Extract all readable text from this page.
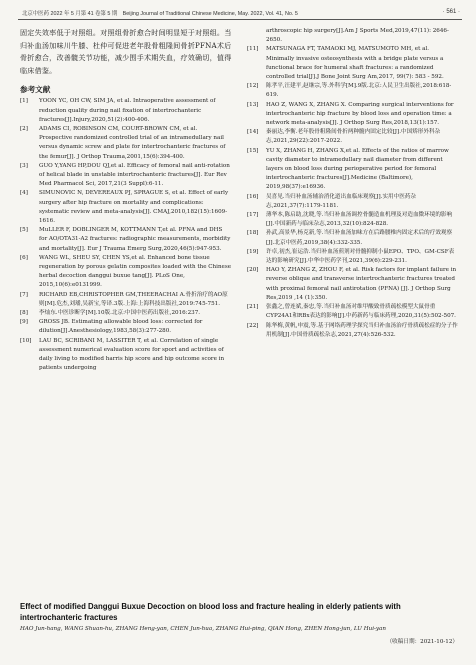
北京中医药 2022 年 5 月第 41 卷第 5 期　Beijing Journal of Traditional Chinese Medicine, May. 2022, Vol. 41, No. 5	· 561 ·

固定失效率低于对照组。对照组骨折愈合时间明显短于对照组。当归补血汤加味川牛膝、杜仲可促进老年股骨粗隆间骨折PFNA术后骨折愈合，改善髋关节功能，减少围手术期失血，疗效确切，值得临床借鉴。

参考文献
[1] YOON YC, OH CW, SIM JA, et al. Intraoperative assessment of reduction quality during nail fixation of intertrochanteric fractures[J].Injury,2020,51(2):400-406.
[2] ADAMS CI, ROBINSON CM, COURT-BROWN CM, et al. Prospective randomized controlled trial of an intramedullary nail versus dynamic screw and plate for intertrochanteric fractures of the femur[J]. J Orthop Trauma,2001,15(6):394-400.
[3] GUO Y,YANG HP,DOU QJ,et al. Efficacy of femoral nail anti-rotation of helical blade in unstable intertrochanteric fractures[J]. Eur Rev Med Pharmacol Sci, 2017,21(3 Suppl):6-11.
[4] SIMUNOVIC N, DEVEREAUX PJ, SPRAGUE S, et al. Effect of early surgery after hip fracture on mortality and complications: systematic review and meta-analysis[J]. CMAJ,2010,182(15):1609-1616.
[5] MuLLER F, DOBLINGER M, KOTTMANN T,et al. PFNA and DHS for AO/OTA31-A2 fractures: radiographic measurements, morbidity and mortality[J]. Eur J Trauma Emerg Surg,2020,46(5):947-953.
[6] WANG WL, SHEU SY, CHEN YS,et al. Enhanced bone tissue regeneration by porous gelatin composites loaded with the Chinese herbal decoction danggui buxue tang[J]. PLoS One, 2015,10(6):e0131999.
[7] RICHARD EB,CHRISTOPHER GM,THEERACHAI A.骨折治疗的AO原则[M].危杰,刘璠,吴新宝,等译.3版.上海:上海科技出版社,2019:745-751.
[8] 李灿东.中医诊断学[M].10版.北京:中国中医药出版社,2016:237.
[9] GROSS JB. Estimating allowable blood loss: corrected for dilution[J].Anesthesiology,1983,58(3):277-280.
[10] LAU BC, SCRIBANI M, LASSITER T, et al. Correlation of single assessment numerical evaluation score for sport and activities of daily living to modified harris hip score and hip outcome score in patients undergoing
arthroscopic hip surgery[J].Am J Sports Med,2019,47(11): 2646-2650.
[11] MATSUNAGA FT, TAMAOKI MJ, MATSUMOTO MH, et al. Minimally invasive osteosynthesis with a bridge plate versus a functional brace for humeral shaft fractures: a randomized controlled trial[J].J Bone Joint Surg Am,2017, 99(7): 583 - 592.
[12] 陈孝平,汪建平,赵继宗,等.外科学[M].9版.北京:人民卫生出版社,2018:618-619.
[13] HAO Z, WANG X, ZHANG X. Comparing surgical interventions for intertrochanteric hip fracture by blood loss and operation time: a network meta-analysis[J]. J Orthop Surg Res,2018,13(1):157.
[14] 秦丽达,李衡.老年股骨粗隆间骨折两种髓内固定比较[J].中国矫形外科杂志,2021,29(22):2017-2022.
[15] YU X, ZHANG H, ZHANG X,et al. Effects of the ratios of marrow cavity diameter to intramedullary nail diameter from different layers on blood loss during perioperative period for femoral intertrochanteric fractures[J].Medicine (Baltimore), 2019,98(37):e16936.
[16] 吴喜见.当归补血汤辅治消化道出血临床观察[J].实用中医药杂志,2021,37(7):1179-1181.
[17] 薄华本,陈启助,沈晓,等.当归补血汤调控骨髓造血机理及对造血微环境的影响[J].中国新药与临床杂志,2013,32(10):824-828.
[18] 孙武,高景华,杨克新,等.当归补血汤加味方在后路腰椎内固定术后的疗效观察[J].北京中医药,2019,38(4):332-335.
[19] 许卓,初杰,崔运浩.当归补血汤煎剂对骨髓抑制小鼠EPO、TPO、GM-CSF表达的影响研究[J].中华中医药学刊,2021,39(6):229-231.
[20] HAO Y, ZHANG Z, ZHOU F, et al. Risk factors for implant failure in reverse oblique and transverse intertrochanteric fractures treated with proximal femoral nail antirotation (PFNA) [J]. J Orthop Surg Res,2019 ,14 (1):350.
[21] 张鑫之,曾连斌,秦忠,等.当归补血汤对维甲酸致骨质疏松模型大鼠骨重CYP24A1和RBx表达的影响[J].中药新药与临床药理,2020,31(5):502-507.
[22] 陈华梅,黄帆,申震,等.基于网络药理学探究当归补血汤治疗骨质疏松症的分子作用机制[J].中国骨质疏松杂志,2021,27(4):526-532.
Effect of modified Danggui Buxue Decoction on blood loss and fracture healing in elderly patients with intertrochanteric fractures
HAO Jun-hang, WANG Shuan-hu, ZHANG Heng-yan, CHEN Jun-hua, ZHANG Hui-ping, QIAN Hong, ZHEN Hong-jun, LU Hui-yan
（收稿日期：2021-10-12）
